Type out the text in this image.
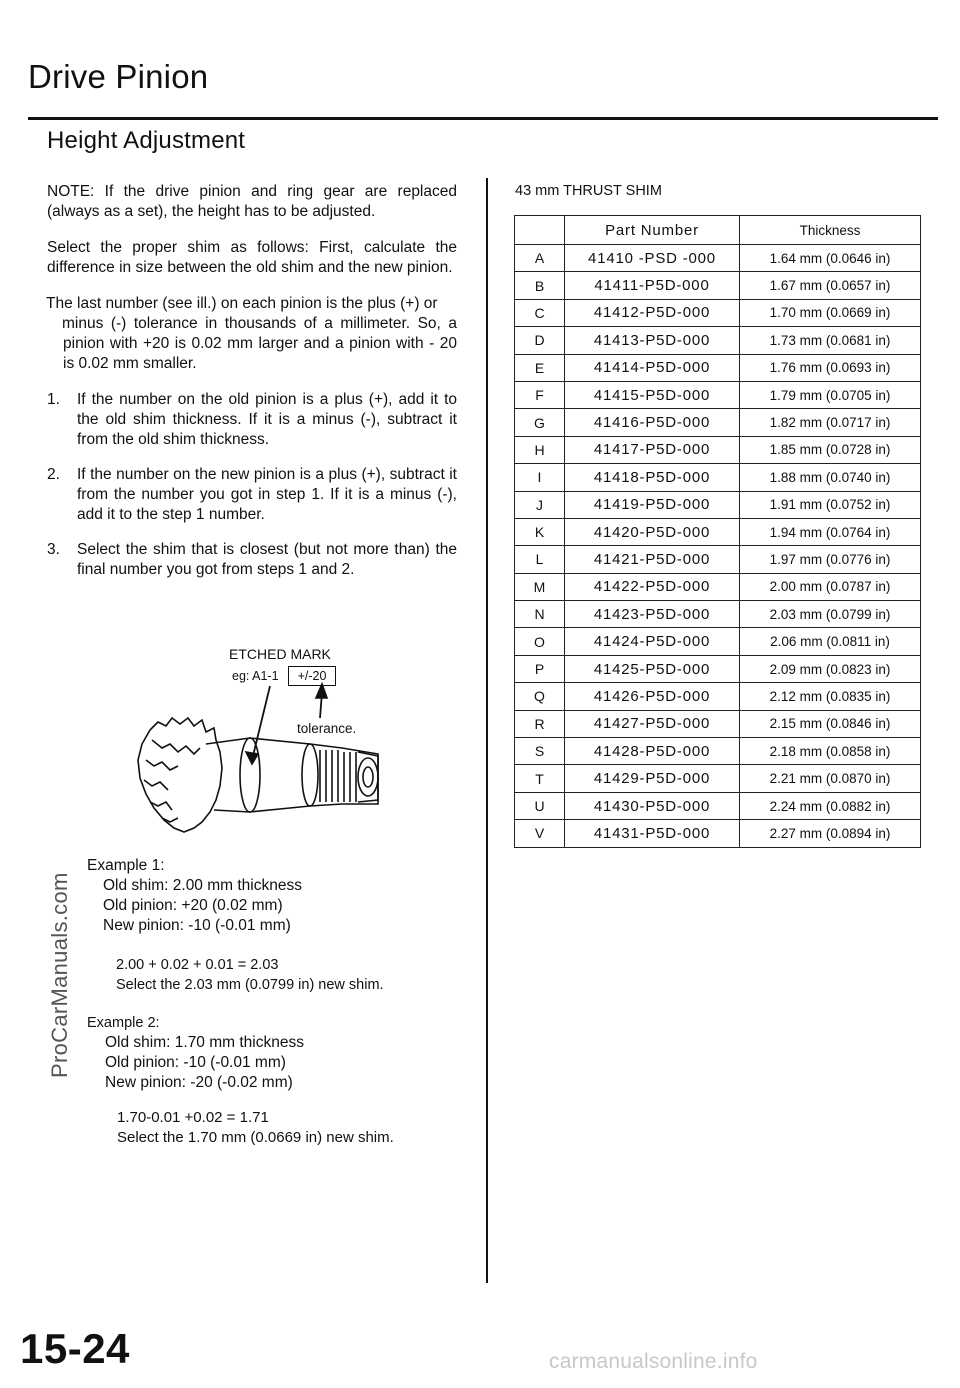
Drive Pinion
Height Adjustment

NOTE: If the drive pinion and ring gear are replaced (always as a set), the height has to be adjusted.

Select the proper shim as follows: First, calculate the difference in size between the old shim and the new pinion.

The last number (see ill.) on each pinion is the plus (+) or
minus (-) tolerance in thousands of a millimeter. So, a pinion with +20 is 0.02 mm larger and a pinion with - 20 is 0.02 mm smaller.

1. If the number on the old pinion is a plus (+), add it to the old shim thickness. If it is a minus (-), subtract it from the old shim thickness.
2. If the number on the new pinion is a plus (+), subtract it from the number you got in step 1. If it is a minus (-), add it to the step 1 number.
3. Select the shim that is closest (but not more than) the final number you got from steps 1 and 2.
ETCHED MARK
eg: A1-1	+/-20
tolerance.
Example 1:
Old shim: 2.00 mm thickness
Old pinion: +20 (0.02 mm)
New pinion: -10 (-0.01 mm)
2.00 + 0.02 + 0.01 = 2.03
Select the 2.03 mm (0.0799 in) new shim.
Example 2:
Old shim: 1.70 mm thickness
Old pinion: -10 (-0.01 mm)
New pinion: -20 (-0.02 mm)
1.70-0.01 +0.02 = 1.71
Select the 1.70 mm (0.0669 in) new shim.
43 mm THRUST SHIM
	Part Number	Thickness
A	41410 -PSD -000	1.64 mm (0.0646 in)
B	41411-P5D-000	1.67 mm (0.0657 in)
C	41412-P5D-000	1.70 mm (0.0669 in)
D	41413-P5D-000	1.73 mm (0.0681 in)
E	41414-P5D-000	1.76 mm (0.0693 in)
F	41415-P5D-000	1.79 mm (0.0705 in)
G	41416-P5D-000	1.82 mm (0.0717 in)
H	41417-P5D-000	1.85 mm (0.0728 in)
I	41418-P5D-000	1.88 mm (0.0740 in)
J	41419-P5D-000	1.91 mm (0.0752 in)
K	41420-P5D-000	1.94 mm (0.0764 in)
L	41421-P5D-000	1.97 mm (0.0776 in)
M	41422-P5D-000	2.00 mm (0.0787 in)
N	41423-P5D-000	2.03 mm (0.0799 in)
O	41424-P5D-000	2.06 mm (0.0811 in)
P	41425-P5D-000	2.09 mm (0.0823 in)
Q	41426-P5D-000	2.12 mm (0.0835 in)
R	41427-P5D-000	2.15 mm (0.0846 in)
S	41428-P5D-000	2.18 mm (0.0858 in)
T	41429-P5D-000	2.21 mm (0.0870 in)
U	41430-P5D-000	2.24 mm (0.0882 in)
V	41431-P5D-000	2.27 mm (0.0894 in)
15-24
ProCarManuals.com
carmanualsonline.info
